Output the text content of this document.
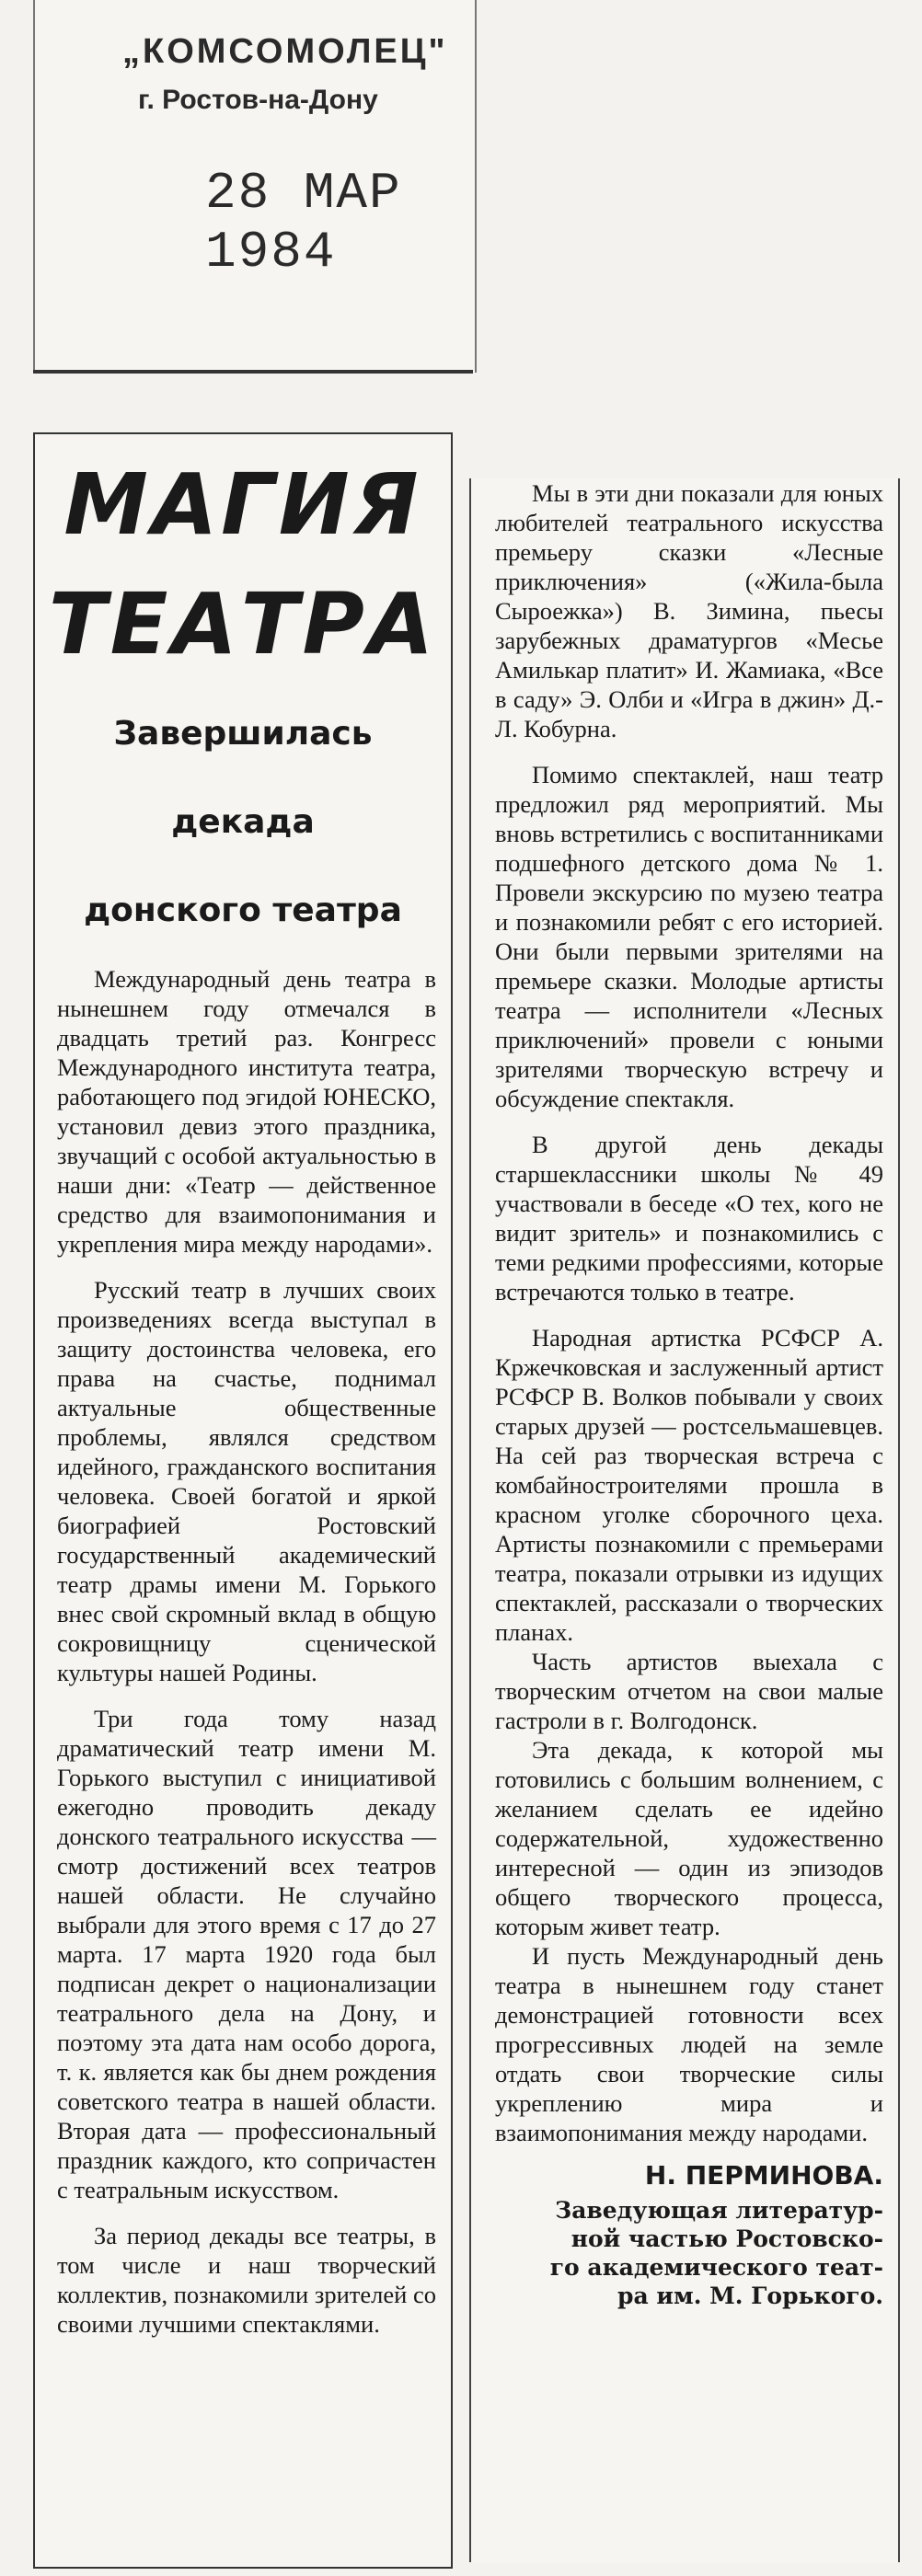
„КОМСОМОЛЕЦ"
г. Ростов-на-Дону
28 МАР 1984
МАГИЯ
ТЕАТРА
Завершилась
декада
донского театра

Международный день театра в нынешнем году отмечался в двадцать третий раз. Конгресс Международного института театра, работающего под эгидой ЮНЕСКО, установил девиз этого праздника, звучащий с особой актуальностью в наши дни: «Театр — действенное средство для взаимопонимания и укрепления мира между народами».

Русский театр в лучших своих произведениях всегда выступал в защиту достоинства человека, его права на счастье, поднимал актуальные общественные проблемы, являлся средством идейного, гражданского воспитания человека. Своей богатой и яркой биографией Ростовский государственный академический театр драмы имени М. Горького внес свой скромный вклад в общую сокровищницу сценической культуры нашей Родины.

Три года тому назад драматический театр имени М. Горького выступил с инициативой ежегодно проводить декаду донского театрального искусства — смотр достижений всех театров нашей области. Не случайно выбрали для этого время с 17 до 27 марта. 17 марта 1920 года был подписан декрет о национализации театрального дела на Дону, и поэтому эта дата нам особо дорога, т. к. является как бы днем рождения советского театра в нашей области. Вторая дата — профессиональный праздник каждого, кто сопричастен с театральным искусством.

За период декады все театры, в том числе и наш творческий коллектив, познакомили зрителей со своими лучшими спектаклями.

Мы в эти дни показали для юных любителей театрального искусства премьеру сказки «Лесные приключения» («Жила-была Сыроежка») В. Зимина, пьесы зарубежных драматургов «Месье Амилькар платит» И. Жамиака, «Все в саду» Э. Олби и «Игра в джин» Д.-Л. Кобурна.

Помимо спектаклей, наш театр предложил ряд мероприятий. Мы вновь встретились с воспитанниками подшефного детского дома № 1. Провели экскурсию по музею театра и познакомили ребят с его историей. Они были первыми зрителями на премьере сказки. Молодые артисты театра — исполнители «Лесных приключений» провели с юными зрителями творческую встречу и обсуждение спектакля.

В другой день декады старшеклассники школы № 49 участвовали в беседе «О тех, кого не видит зритель» и познакомились с теми редкими профессиями, которые встречаются только в театре.

Народная артистка РСФСР А. Кржечковская и заслуженный артист РСФСР В. Волков побывали у своих старых друзей — ростсельмашевцев. На сей раз творческая встреча с комбайностроителями прошла в красном уголке сборочного цеха. Артисты познакомили с премьерами театра, показали отрывки из идущих спектаклей, рассказали о творческих планах.

Часть артистов выехала с творческим отчетом на свои малые гастроли в г. Волгодонск.

Эта декада, к которой мы готовились с большим волнением, с желанием сделать ее идейно содержательной, художественно интересной — один из эпизодов общего творческого процесса, которым живет театр.

И пусть Международный день театра в нынешнем году станет демонстрацией готовности всех прогрессивных людей на земле отдать свои творческие силы укреплению мира и взаимопонимания между народами.

Н. ПЕРМИНОВА.
Заведующая литератур-
ной частью Ростовско-
го академического теат-
ра им. М. Горького.
